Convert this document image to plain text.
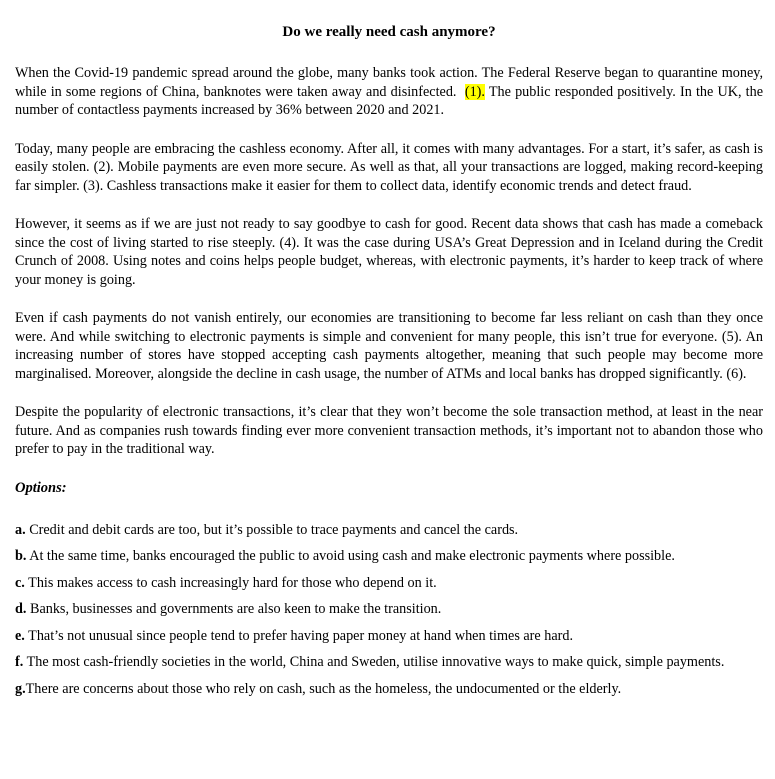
Do we really need cash anymore?

When the Covid-19 pandemic spread around the globe, many banks took action. The Federal Reserve began to quarantine money, while in some regions of China, banknotes were taken away and disinfected. (1). The public responded positively. In the UK, the number of contactless payments increased by 36% between 2020 and 2021.

Today, many people are embracing the cashless economy. After all, it comes with many advantages. For a start, it’s safer, as cash is easily stolen. (2). Mobile payments are even more secure. As well as that, all your transactions are logged, making record-keeping far simpler. (3). Cashless transactions make it easier for them to collect data, identify economic trends and detect fraud.

However, it seems as if we are just not ready to say goodbye to cash for good. Recent data shows that cash has made a comeback since the cost of living started to rise steeply. (4). It was the case during USA’s Great Depression and in Iceland during the Credit Crunch of 2008. Using notes and coins helps people budget, whereas, with electronic payments, it’s harder to keep track of where your money is going.

Even if cash payments do not vanish entirely, our economies are transitioning to become far less reliant on cash than they once were. And while switching to electronic payments is simple and convenient for many people, this isn’t true for everyone. (5). An increasing number of stores have stopped accepting cash payments altogether, meaning that such people may become more marginalised. Moreover, alongside the decline in cash usage, the number of ATMs and local banks has dropped significantly. (6).

Despite the popularity of electronic transactions, it’s clear that they won’t become the sole transaction method, at least in the near future. And as companies rush towards finding ever more convenient transaction methods, it’s important not to abandon those who prefer to pay in the traditional way.

Options:
a. Credit and debit cards are too, but it’s possible to trace payments and cancel the cards.
b. At the same time, banks encouraged the public to avoid using cash and make electronic payments where possible.
c. This makes access to cash increasingly hard for those who depend on it.
d. Banks, businesses and governments are also keen to make the transition.
e. That’s not unusual since people tend to prefer having paper money at hand when times are hard.
f. The most cash-friendly societies in the world, China and Sweden, utilise innovative ways to make quick, simple payments.
g.There are concerns about those who rely on cash, such as the homeless, the undocumented or the elderly.
